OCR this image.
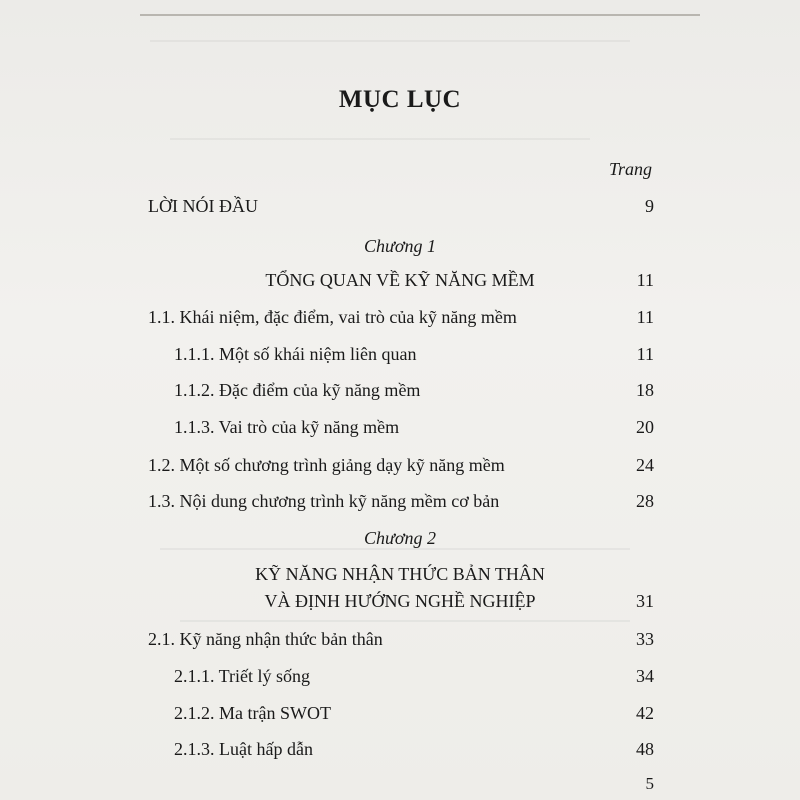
MỤC LỤC
Trang
LỜI NÓI ĐẦU	9
Chương 1
TỔNG QUAN VỀ KỸ NĂNG MỀM	11
1.1. Khái niệm, đặc điểm, vai trò của kỹ năng mềm	11
1.1.1. Một số khái niệm liên quan	11
1.1.2. Đặc điểm của kỹ năng mềm	18
1.1.3. Vai trò của kỹ năng mềm	20
1.2. Một số chương trình giảng dạy kỹ năng mềm	24
1.3. Nội dung chương trình kỹ năng mềm cơ bản	28
Chương 2
KỸ NĂNG NHẬN THỨC BẢN THÂN
VÀ ĐỊNH HƯỚNG NGHỀ NGHIỆP	31
2.1. Kỹ năng nhận thức bản thân	33
2.1.1. Triết lý sống	34
2.1.2. Ma trận SWOT	42
2.1.3. Luật hấp dẫn	48
5
